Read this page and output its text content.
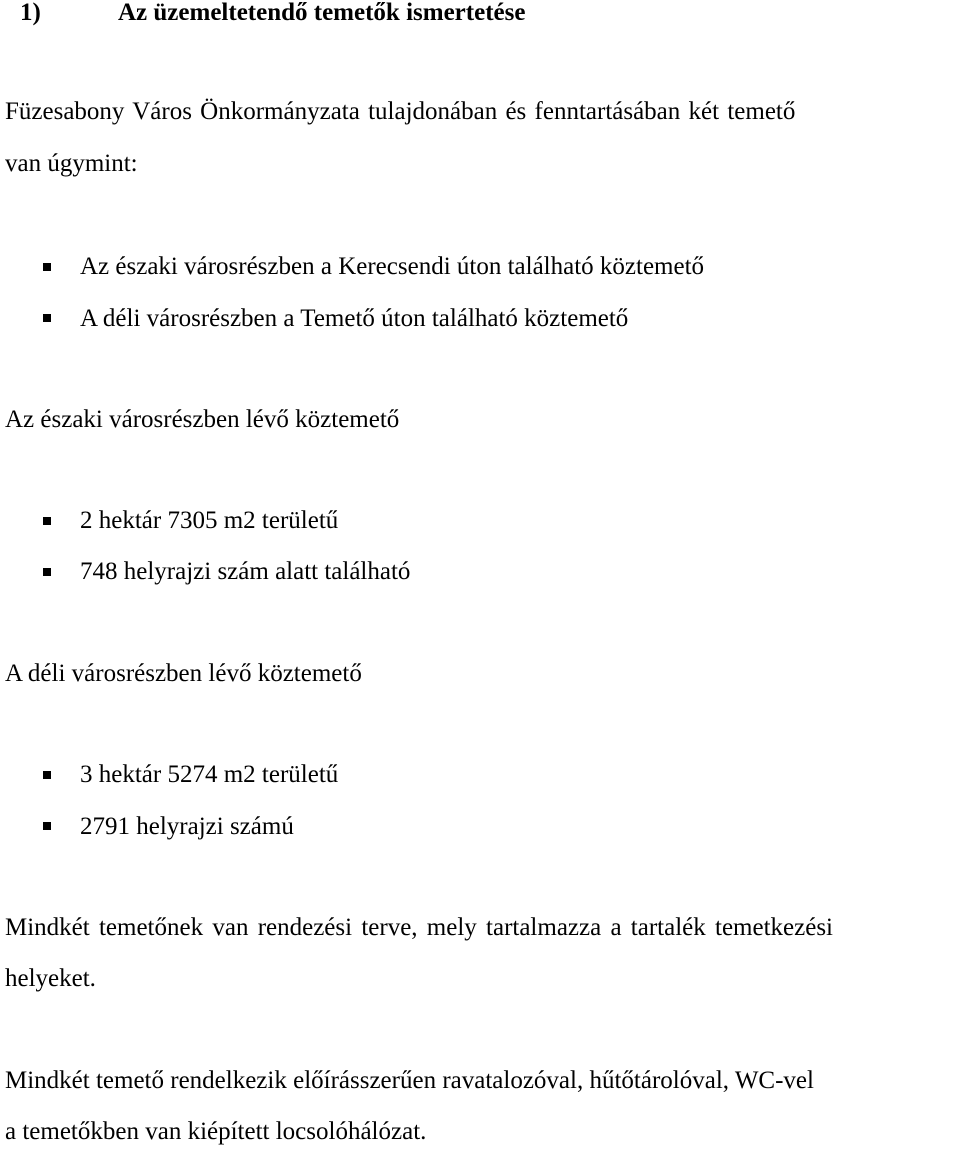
1)	Az üzemeltetendő temetők ismertetése
Füzesabony Város Önkormányzata tulajdonában és fenntartásában két temető
van úgymint:
Az északi városrészben a Kerecsendi úton található köztemető
A déli városrészben a Temető úton található köztemető
Az északi városrészben lévő köztemető
2 hektár 7305 m2 területű
748 helyrajzi szám alatt található
A déli városrészben lévő köztemető
3 hektár 5274 m2 területű
2791 helyrajzi számú
Mindkét temetőnek van rendezési terve, mely tartalmazza a tartalék temetkezési
helyeket.
Mindkét temető rendelkezik előírásszerűen ravatalozóval, hűtőtárolóval, WC-vel
a temetőkben van kiépített locsolóhálózat.
